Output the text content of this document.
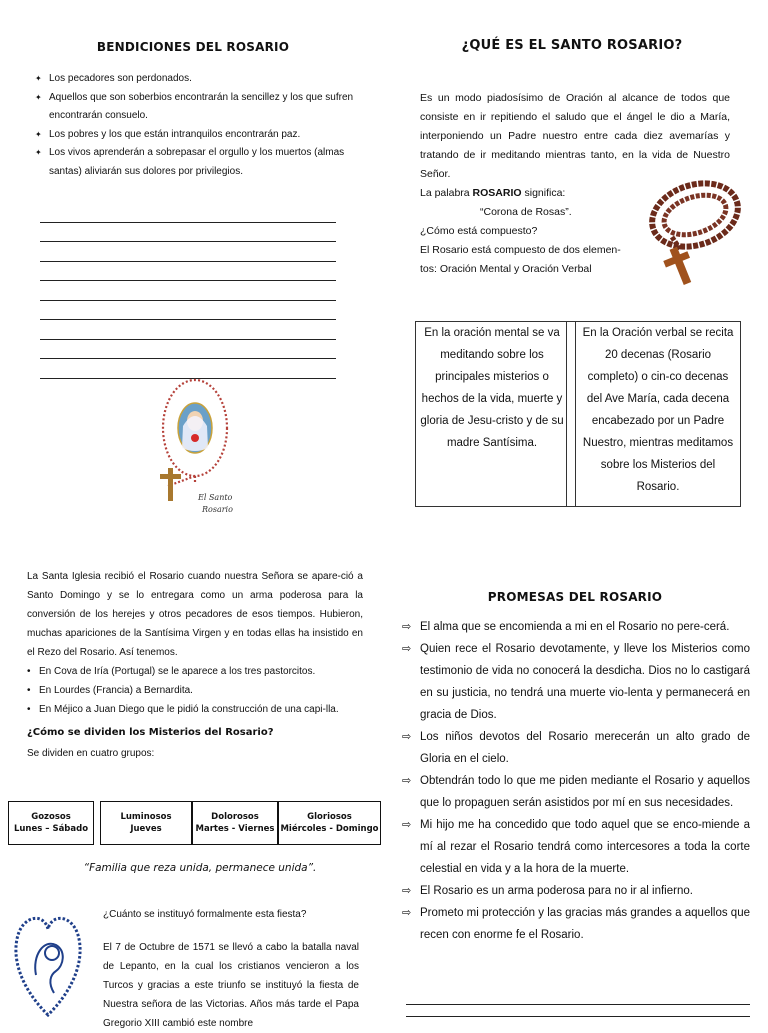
BENDICIONES DEL ROSARIO
✦ Los pecadores son perdonados.
✦ Aquellos que son soberbios encontrarán la sencillez y los que sufren encontrarán consuelo.
✦ Los pobres y los que están intranquilos encontrarán paz.
✦ Los vivos aprenderán a sobrepasar el orgullo y los muertos (almas santas) aliviarán sus dolores por privilegios.
El Santo
Rosario
¿QUÉ ES EL SANTO ROSARIO?

Es un modo piadosísimo de Oración al alcance de todos que consiste en ir repitiendo el saludo que el ángel le dio a María, interponiendo un Padre nuestro entre cada diez avemarías y tratando de ir meditando mientras tanto, en la vida de Nuestro Señor.

La palabra ROSARIO significa:

“Corona de Rosas”.

¿Cómo está compuesto?

El Rosario está compuesto de dos elemen-

tos: Oración Mental y Oración Verbal

En la oración mental se va meditando sobre los principales misterios o hechos de la vida, muerte y gloria de Jesu-cristo y de su madre Santísima.
En la Oración verbal se recita 20 decenas (Rosario completo) o cin-co decenas del Ave María, cada decena encabezado por un Padre Nuestro, mientras meditamos sobre los Misterios del Rosario.

La Santa Iglesia recibió el Rosario cuando nuestra Señora se apare-ció a Santo Domingo y se lo entregara como un arma poderosa para la conversión de los herejes y otros pecadores de esos tiempos. Hubieron, muchas apariciones de la Santísima Virgen y en todas ellas ha insistido en el Rezo del Rosario. Así tenemos.

• En Cova de Iría (Portugal) se le aparece a los tres pastorcitos.
• En Lourdes (Francia) a Bernardita.
• En Méjico a Juan Diego que le pidió la construcción de una capi-lla.

¿Cómo se dividen los Misterios del Rosario?

Se dividen en cuatro grupos:

Gozosos
Lunes – Sábado
Luminosos
Jueves
Dolorosos
Martes - Viernes
Gloriosos
Miércoles - Domingo
“Familia que reza unida, permanece unida”.

¿Cuánto se instituyó formalmente esta fiesta?

El 7 de Octubre de 1571 se llevó a cabo la batalla naval de Lepanto, en la cual los cristianos vencieron a los Turcos y gracias a este triunfo se instituyó la fiesta de Nuestra señora de las Victorias. Años más tarde el Papa Gregorio XIII cambió este nombre

PROMESAS DEL ROSARIO
⇨ El alma que se encomienda a mi en el Rosario no pere-cerá.
⇨ Quien rece el Rosario devotamente, y lleve los Misterios como testimonio de vida no conocerá la desdicha. Dios no lo castigará en su justicia, no tendrá una muerte vio-lenta y permanecerá en gracia de Dios.
⇨ Los niños devotos del Rosario merecerán un alto grado de Gloria en el cielo.
⇨ Obtendrán todo lo que me piden mediante el Rosario y aquellos que lo propaguen serán asistidos por mí en sus necesidades.
⇨ Mi hijo me ha concedido que todo aquel que se enco-miende a mí al rezar el Rosario tendrá como intercesores a toda la corte celestial en vida y a la hora de la muerte.
⇨ El Rosario es un arma poderosa para no ir al infierno.
⇨ Prometo mi protección y las gracias más grandes a aquellos que recen con enorme fe el Rosario.
